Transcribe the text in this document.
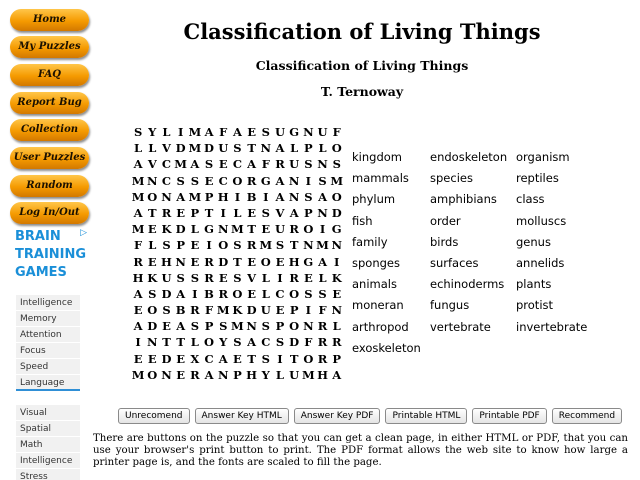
Home
My Puzzles
FAQ
Report Bug
Collection
User Puzzles
Random
Log In/Out
BRAIN
TRAINING
GAMES
▷
Intelligence
Memory
Attention
Focus
Speed
Language
Visual
Spatial
Math
Intelligence
Stress
Classification of Living Things
Classification of Living Things
T. Ternoway
S Y L I M A F A E S U G N U F
L L V D M D U S T N A L P L O
A V C M A S E C A F R U S N S
M N C S S E C O R G A N I S M
M O N A M P H I B I A N S A O
A T R E P T I L E S V A P N D
M E K D L G N M T E U R O I G
F L S P E I O S R M S T N M N
R E H N E R D T E O E H G A I
H K U S S R E S V L I R E L K
A S D A I B R O E L C O S S E
E O S B R F M K D U E P I F N
A D E A S P S M N S P O N R L
I N T T L O Y S A C S D F R R
E E D E X C A E T S I T O R P
M O N E R A N P H Y L U M H A
kingdom endoskeleton organism
mammals species	reptiles
phylum	amphibians class
fish	order	molluscs
family	birds	genus
sponges	surfaces	annelids
animals	echinoderms plants
moneran fungus	protist
arthropod vertebrate invertebrate
exoskeleton
Unrecomend	Answer Key HTML	Answer Key PDF	Printable HTML	Printable PDF	Recommend
There are buttons on the puzzle so that you can get a clean page, in either HTML or PDF, that you can use your browser's print button to print. The PDF format allows the web site to know how large a printer page is, and the fonts are scaled to fill the page.
